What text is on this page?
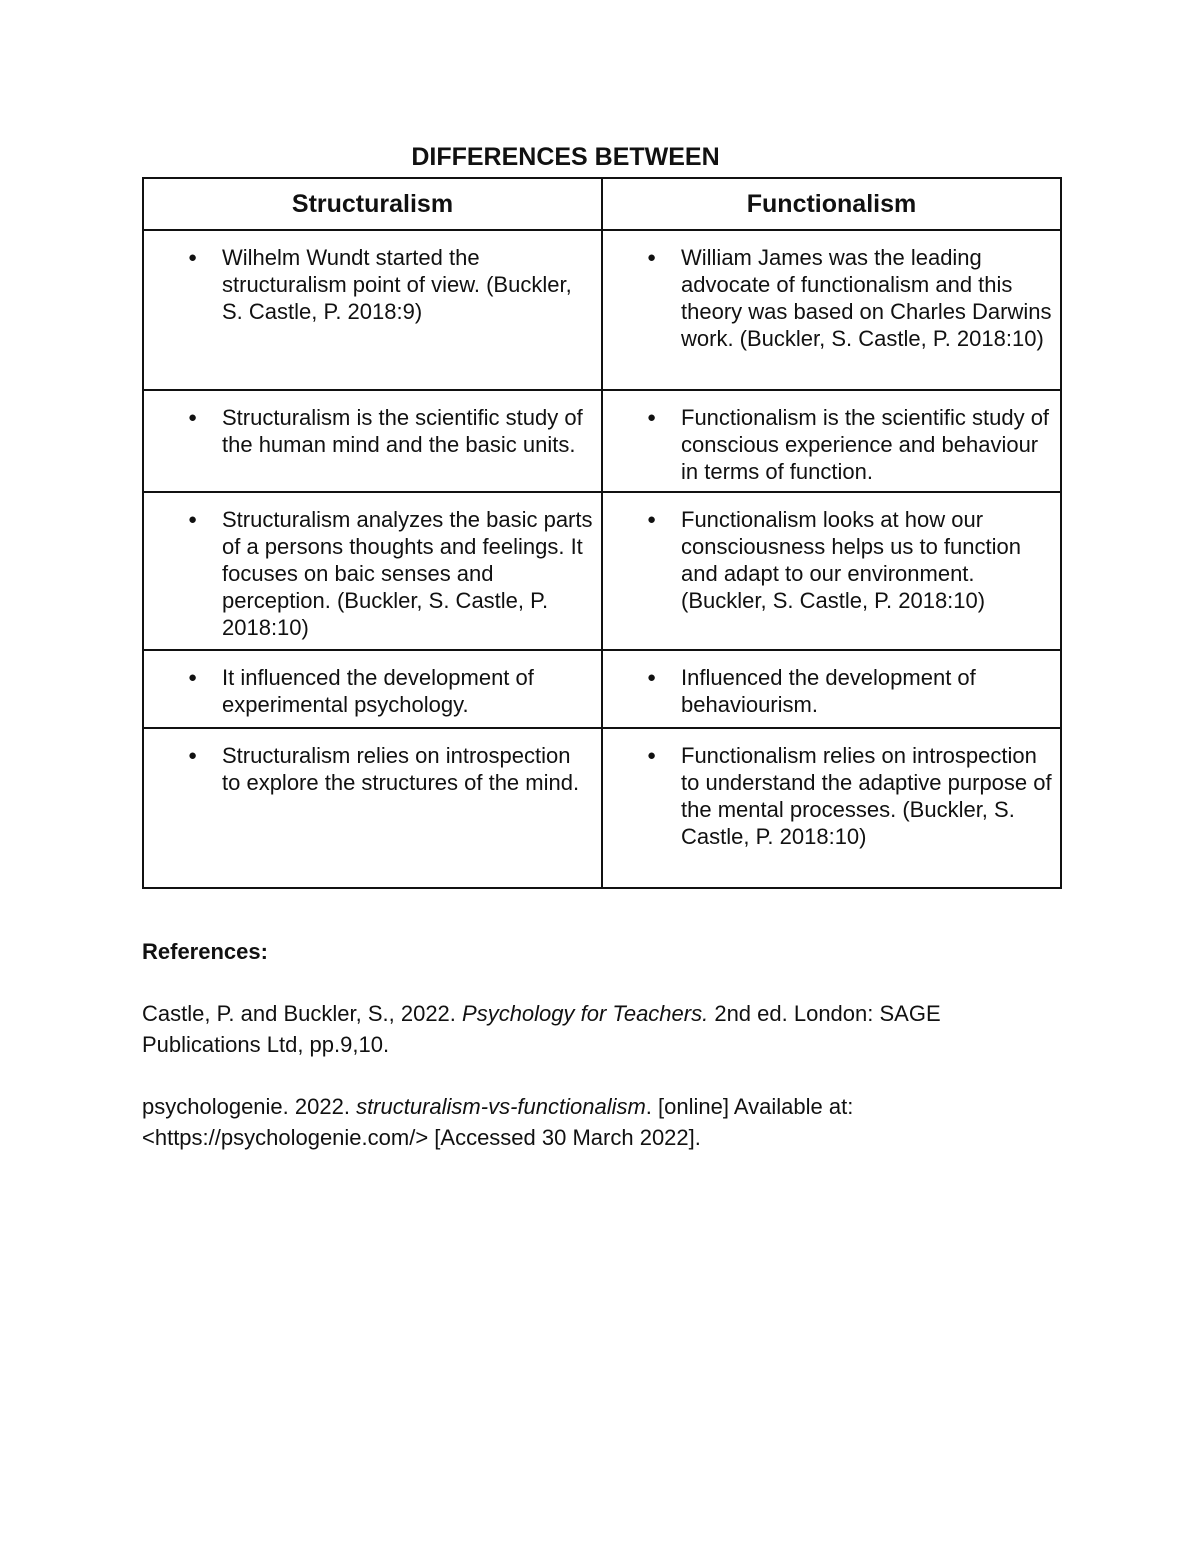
DIFFERENCES BETWEEN
Structuralism	Functionalism

● Wilhelm Wundt started the structuralism point of view. (Buckler, S. Castle, P. 2018:9)	● William James was the leading advocate of functionalism and this theory was based on Charles Darwins work. (Buckler, S. Castle, P. 2018:10)

● Structuralism is the scientific study of the human mind and the basic units.	● Functionalism is the scientific study of conscious experience and behaviour in terms of function.

● Structuralism analyzes the basic parts of a persons thoughts and feelings. It focuses on baic senses and perception. (Buckler, S. Castle, P. 2018:10)	● Functionalism looks at how our consciousness helps us to function and adapt to our environment. (Buckler, S. Castle, P. 2018:10)

● It influenced the development of experimental psychology.	● Influenced the development of behaviourism.

● Structuralism relies on introspection to explore the structures of the mind.	● Functionalism relies on introspection to understand the adaptive purpose of the mental processes. (Buckler, S. Castle, P. 2018:10)
References:
Castle, P. and Buckler, S., 2022. Psychology for Teachers. 2nd ed. London: SAGE Publications Ltd, pp.9,10.
psychologenie. 2022. structuralism-vs-functionalism. [online] Available at: <https://psychologenie.com/> [Accessed 30 March 2022].
